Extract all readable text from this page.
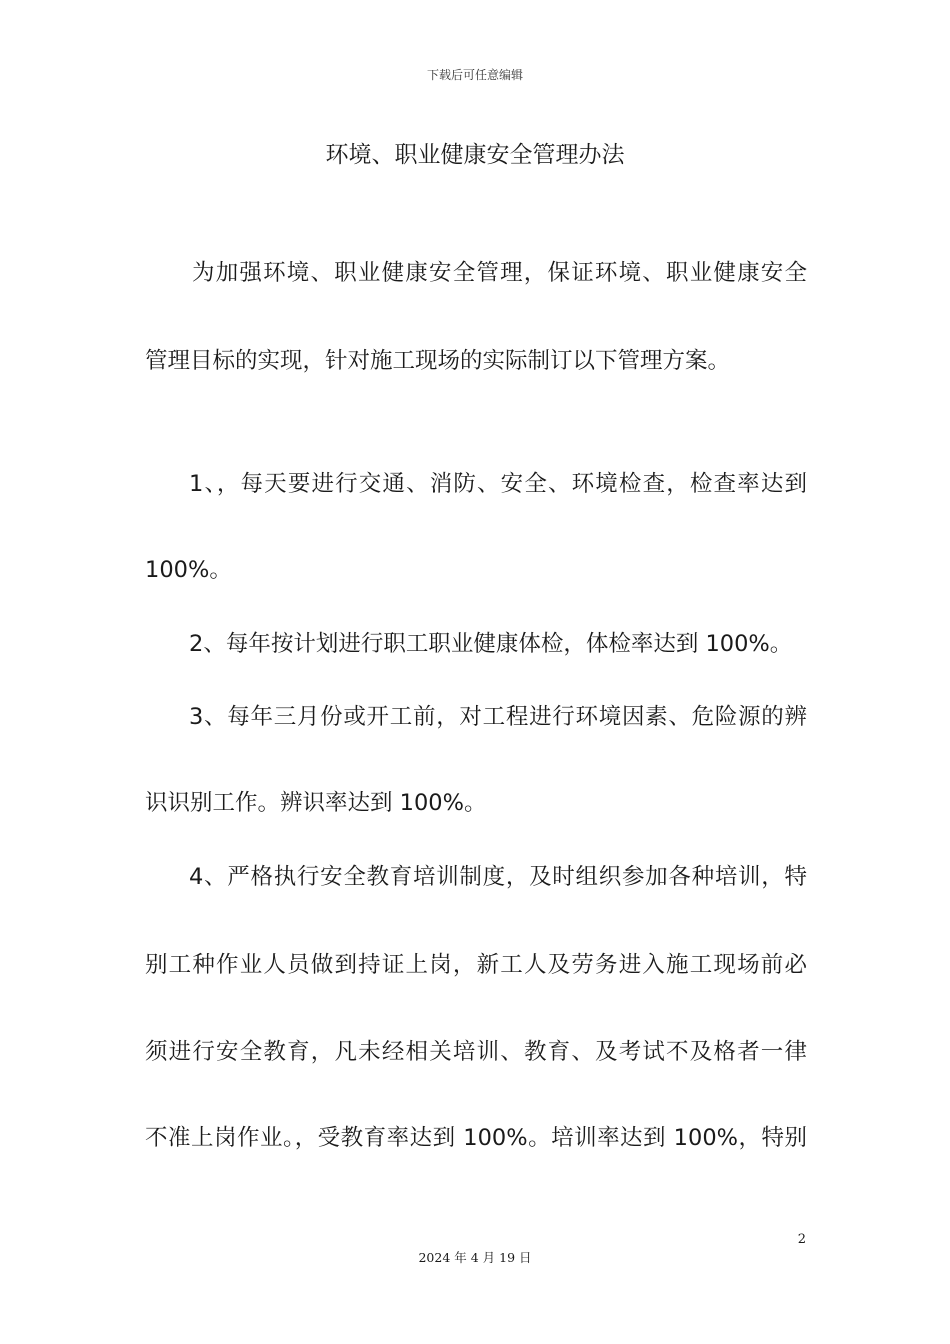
下载后可任意编辑
环境、职业健康安全管理办法
为加强环境、职业健康安全管理，保证环境、职业健康安全
管理目标的实现，针对施工现场的实际制订以下管理方案。
1、，每天要进行交通、消防、安全、环境检查，检查率达到
100%。
2、每年按计划进行职工职业健康体检，体检率达到 100%。
3、每年三月份或开工前，对工程进行环境因素、危险源的辨
识识别工作。辨识率达到 100%。
4、严格执行安全教育培训制度，及时组织参加各种培训，特
别工种作业人员做到持证上岗，新工人及劳务进入施工现场前必
须进行安全教育，凡未经相关培训、教育、及考试不及格者一律
不准上岗作业。，受教育率达到 100%。培训率达到 100%，特别
2
2024 年 4 月 19 日
